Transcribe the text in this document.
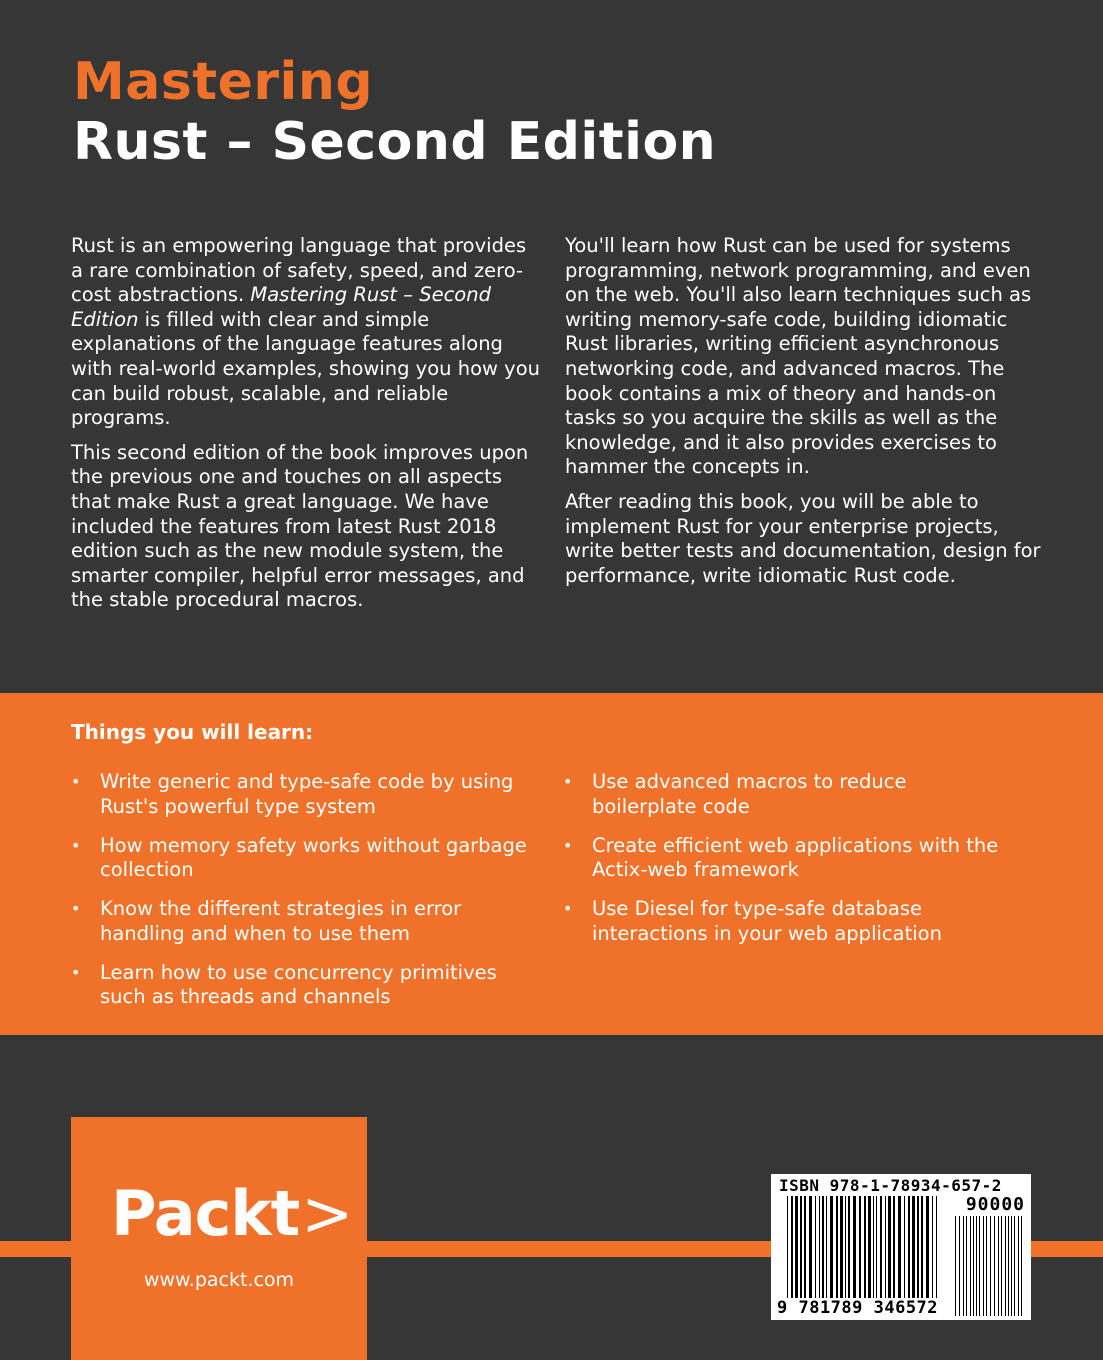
Mastering
Rust – Second Edition

Rust is an empowering language that provides a rare combination of safety, speed, and zero-cost abstractions. Mastering Rust – Second Edition is filled with clear and simple explanations of the language features along with real-world examples, showing you how you can build robust, scalable, and reliable programs.

This second edition of the book improves upon the previous one and touches on all aspects that make Rust a great language. We have included the features from latest Rust 2018 edition such as the new module system, the smarter compiler, helpful error messages, and the stable procedural macros.

You'll learn how Rust can be used for systems programming, network programming, and even on the web. You'll also learn techniques such as writing memory-safe code, building idiomatic Rust libraries, writing efficient asynchronous networking code, and advanced macros. The book contains a mix of theory and hands-on tasks so you acquire the skills as well as the knowledge, and it also provides exercises to hammer the concepts in.

After reading this book, you will be able to implement Rust for your enterprise projects, write better tests and documentation, design for performance, write idiomatic Rust code.

Things you will learn:
• Write generic and type-safe code by using Rust's powerful type system
• How memory safety works without garbage collection
• Know the different strategies in error handling and when to use them
• Learn how to use concurrency primitives such as threads and channels
• Use advanced macros to reduce boilerplate code
• Create efficient web applications with the Actix-web framework
• Use Diesel for type-safe database interactions in your web application
Packt>
www.packt.com
ISBN 978-1-78934-657-2
90000
9 781789 346572
